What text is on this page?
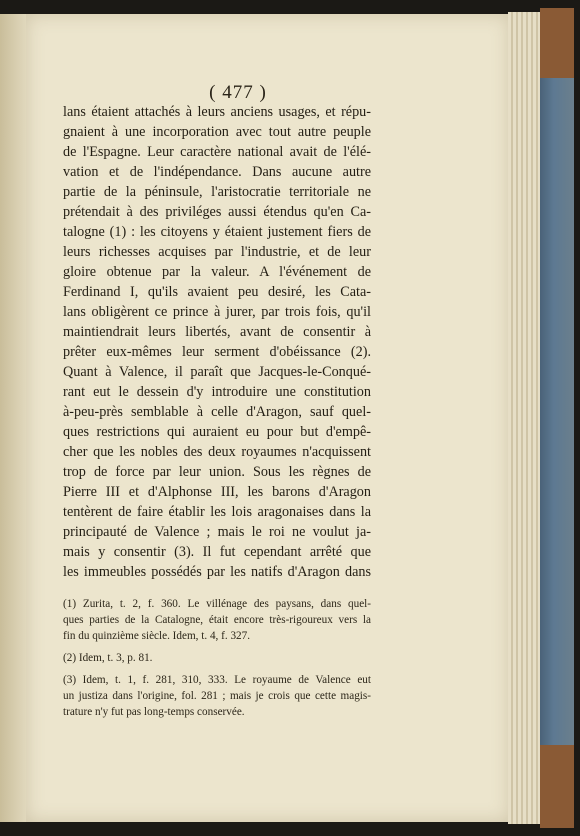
( 477 )
lans étaient attachés à leurs anciens usages, et répu-
gnaient à une incorporation avec tout autre peuple
de l'Espagne. Leur caractère national avait de l'élé-
vation et de l'indépendance. Dans aucune autre
partie de la péninsule, l'aristocratie territoriale ne
prétendait à des priviléges aussi étendus qu'en Ca-
talogne (1) : les citoyens y étaient justement fiers de
leurs richesses acquises par l'industrie, et de leur
gloire obtenue par la valeur. A l'événement de
Ferdinand I, qu'ils avaient peu desiré, les Cata-
lans obligèrent ce prince à jurer, par trois fois, qu'il
maintiendrait leurs libertés, avant de consentir à
prêter eux-mêmes leur serment d'obéissance (2).
Quant à Valence, il paraît que Jacques-le-Conqué-
rant eut le dessein d'y introduire une constitution
à-peu-près semblable à celle d'Aragon, sauf quel-
ques restrictions qui auraient eu pour but d'empê-
cher que les nobles des deux royaumes n'acquissent
trop de force par leur union. Sous les règnes de
Pierre III et d'Alphonse III, les barons d'Aragon
tentèrent de faire établir les lois aragonaises dans la
principauté de Valence ; mais le roi ne voulut ja-
mais y consentir (3). Il fut cependant arrêté que
les immeubles possédés par les natifs d'Aragon dans
(1) Zurita, t. 2, f. 360. Le villénage des paysans, dans quel-
ques parties de la Catalogne, était encore très-rigoureux vers la
fin du quinzième siècle. Idem, t. 4, f. 327.
(2) Idem, t. 3, p. 81.
(3) Idem, t. 1, f. 281, 310, 333. Le royaume de Valence eut
un justiza dans l'origine, fol. 281 ; mais je crois que cette magis-
trature n'y fut pas long-temps conservée.
